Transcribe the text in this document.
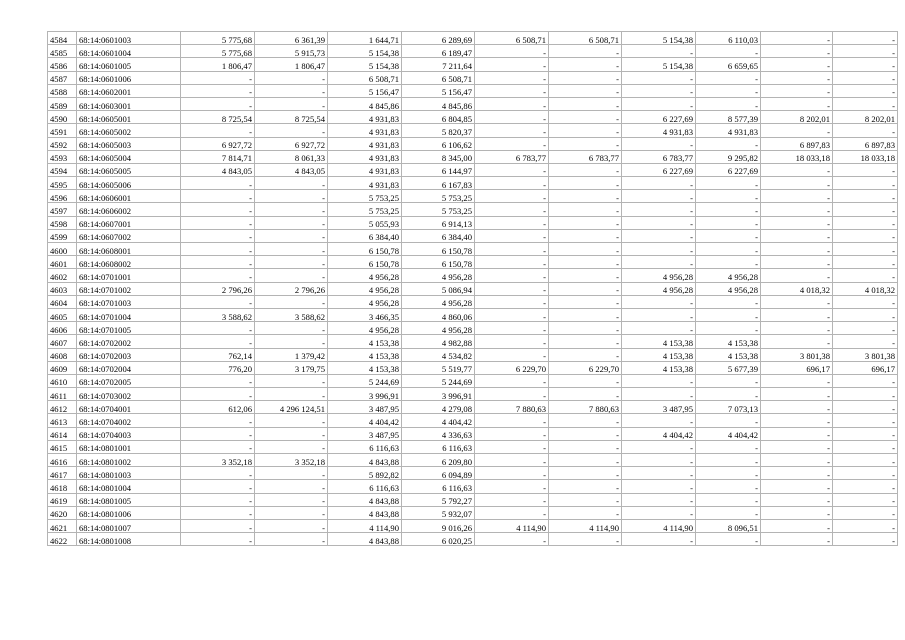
4584	68:14:0601003	5 775,68	6 361,39	1 644,71	6 289,69	6 508,71	6 508,71	5 154,38	6 110,03	-	-
4585	68:14:0601004	5 775,68	5 915,73	5 154,38	6 189,47	-	-	-	-	-	-
4586	68:14:0601005	1 806,47	1 806,47	5 154,38	7 211,64	-	-	5 154,38	6 659,65	-	-
4587	68:14:0601006	-	-	6 508,71	6 508,71	-	-	-	-	-	-
4588	68:14:0602001	-	-	5 156,47	5 156,47	-	-	-	-	-	-
4589	68:14:0603001	-	-	4 845,86	4 845,86	-	-	-	-	-	-
4590	68:14:0605001	8 725,54	8 725,54	4 931,83	6 804,85	-	-	6 227,69	8 577,39	8 202,01	8 202,01
4591	68:14:0605002	-	-	4 931,83	5 820,37	-	-	4 931,83	4 931,83	-	-
4592	68:14:0605003	6 927,72	6 927,72	4 931,83	6 106,62	-	-	-	-	6 897,83	6 897,83
4593	68:14:0605004	7 814,71	8 061,33	4 931,83	8 345,00	6 783,77	6 783,77	6 783,77	9 295,82	18 033,18	18 033,18
4594	68:14:0605005	4 843,05	4 843,05	4 931,83	6 144,97	-	-	6 227,69	6 227,69	-	-
4595	68:14:0605006	-	-	4 931,83	6 167,83	-	-	-	-	-	-
4596	68:14:0606001	-	-	5 753,25	5 753,25	-	-	-	-	-	-
4597	68:14:0606002	-	-	5 753,25	5 753,25	-	-	-	-	-	-
4598	68:14:0607001	-	-	5 055,93	6 914,13	-	-	-	-	-	-
4599	68:14:0607002	-	-	6 384,40	6 384,40	-	-	-	-	-	-
4600	68:14:0608001	-	-	6 150,78	6 150,78	-	-	-	-	-	-
4601	68:14:0608002	-	-	6 150,78	6 150,78	-	-	-	-	-	-
4602	68:14:0701001	-	-	4 956,28	4 956,28	-	-	4 956,28	4 956,28	-	-
4603	68:14:0701002	2 796,26	2 796,26	4 956,28	5 086,94	-	-	4 956,28	4 956,28	4 018,32	4 018,32
4604	68:14:0701003	-	-	4 956,28	4 956,28	-	-	-	-	-	-
4605	68:14:0701004	3 588,62	3 588,62	3 466,35	4 860,06	-	-	-	-	-	-
4606	68:14:0701005	-	-	4 956,28	4 956,28	-	-	-	-	-	-
4607	68:14:0702002	-	-	4 153,38	4 982,88	-	-	4 153,38	4 153,38	-	-
4608	68:14:0702003	762,14	1 379,42	4 153,38	4 534,82	-	-	4 153,38	4 153,38	3 801,38	3 801,38
4609	68:14:0702004	776,20	3 179,75	4 153,38	5 519,77	6 229,70	6 229,70	4 153,38	5 677,39	696,17	696,17
4610	68:14:0702005	-	-	5 244,69	5 244,69	-	-	-	-	-	-
4611	68:14:0703002	-	-	3 996,91	3 996,91	-	-	-	-	-	-
4612	68:14:0704001	612,06	4 296 124,51	3 487,95	4 279,08	7 880,63	7 880,63	3 487,95	7 073,13	-	-
4613	68:14:0704002	-	-	4 404,42	4 404,42	-	-	-	-	-	-
4614	68:14:0704003	-	-	3 487,95	4 336,63	-	-	4 404,42	4 404,42	-	-
4615	68:14:0801001	-	-	6 116,63	6 116,63	-	-	-	-	-	-
4616	68:14:0801002	3 352,18	3 352,18	4 843,88	6 209,80	-	-	-	-	-	-
4617	68:14:0801003	-	-	5 892,82	6 094,89	-	-	-	-	-	-
4618	68:14:0801004	-	-	6 116,63	6 116,63	-	-	-	-	-	-
4619	68:14:0801005	-	-	4 843,88	5 792,27	-	-	-	-	-	-
4620	68:14:0801006	-	-	4 843,88	5 932,07	-	-	-	-	-	-
4621	68:14:0801007	-	-	4 114,90	9 016,26	4 114,90	4 114,90	4 114,90	8 096,51	-	-
4622	68:14:0801008	-	-	4 843,88	6 020,25	-	-	-	-	-	-
